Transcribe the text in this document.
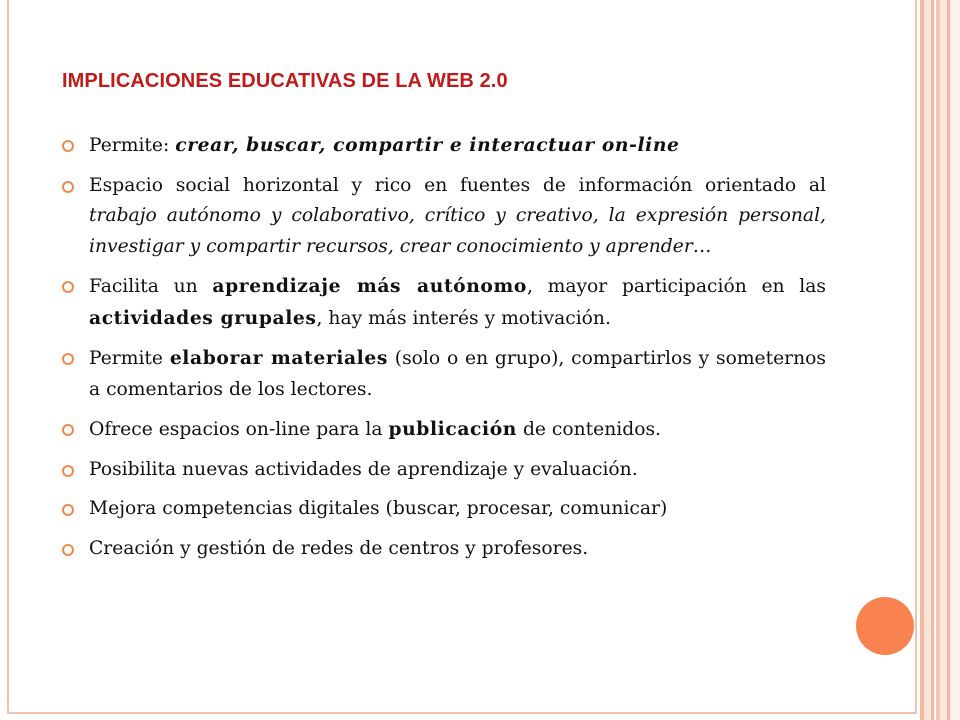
IMPLICACIONES EDUCATIVAS DE LA WEB 2.0
Permite: crear, buscar, compartir e interactuar on-line
Espacio social horizontal y rico en fuentes de información orientado al trabajo autónomo y colaborativo, crítico y creativo, la expresión personal, investigar y compartir recursos, crear conocimiento y aprender…
Facilita un aprendizaje más autónomo, mayor participación en las actividades grupales, hay más interés y motivación.
Permite elaborar materiales (solo o en grupo), compartirlos y someternos a comentarios de los lectores.
Ofrece espacios on-line para la publicación de contenidos.
Posibilita nuevas actividades de aprendizaje y evaluación.
Mejora competencias digitales (buscar, procesar, comunicar)
Creación y gestión de redes de centros y profesores.
